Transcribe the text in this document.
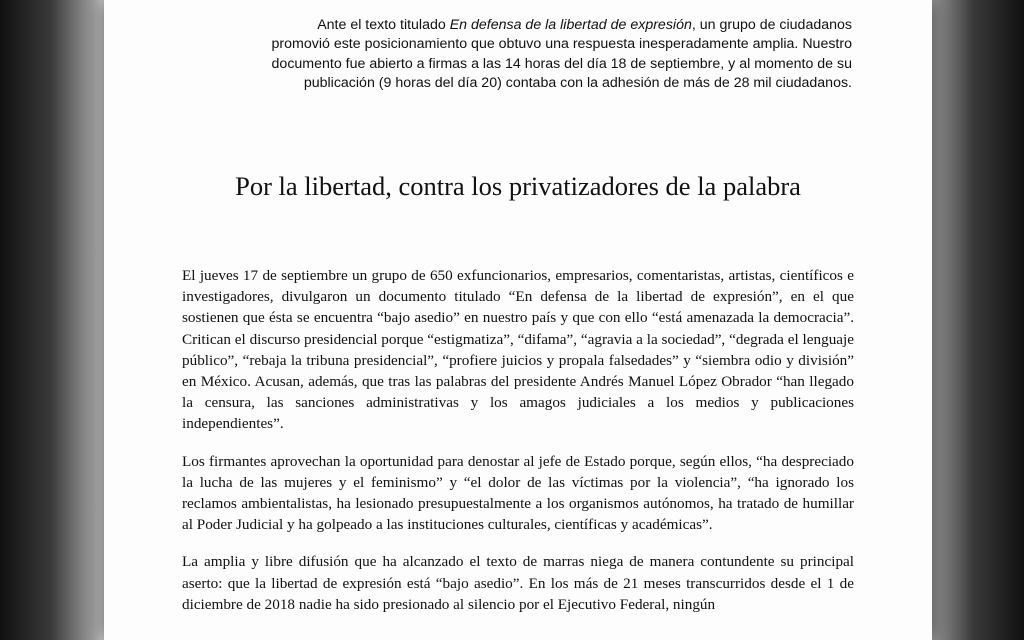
Ante el texto titulado En defensa de la libertad de expresión, un grupo de ciudadanos promovió este posicionamiento que obtuvo una respuesta inesperadamente amplia. Nuestro documento fue abierto a firmas a las 14 horas del día 18 de septiembre, y al momento de su publicación (9 horas del día 20) contaba con la adhesión de más de 28 mil ciudadanos.

Por la libertad, contra los privatizadores de la palabra

El jueves 17 de septiembre un grupo de 650 exfuncionarios, empresarios, comentaristas, artistas, científicos e investigadores, divulgaron un documento titulado “En defensa de la libertad de expresión”, en el que sostienen que ésta se encuentra “bajo asedio” en nuestro país y que con ello “está amenazada la democracia”. Critican el discurso presidencial porque “estigmatiza”, “difama”, “agravia a la sociedad”, “degrada el lenguaje público”, “rebaja la tribuna presidencial”, “profiere juicios y propala falsedades” y “siembra odio y división” en México. Acusan, además, que tras las palabras del presidente Andrés Manuel López Obrador “han llegado la censura, las sanciones administrativas y los amagos judiciales a los medios y publicaciones independientes”.

Los firmantes aprovechan la oportunidad para denostar al jefe de Estado porque, según ellos, “ha despreciado la lucha de las mujeres y el feminismo” y “el dolor de las víctimas por la violencia”, “ha ignorado los reclamos ambientalistas, ha lesionado presupuestalmente a los organismos autónomos, ha tratado de humillar al Poder Judicial y ha golpeado a las instituciones culturales, científicas y académicas”.

La amplia y libre difusión que ha alcanzado el texto de marras niega de manera contundente su principal aserto: que la libertad de expresión está “bajo asedio”. En los más de 21 meses transcurridos desde el 1 de diciembre de 2018 nadie ha sido presionado al silencio por el Ejecutivo Federal, ningún
